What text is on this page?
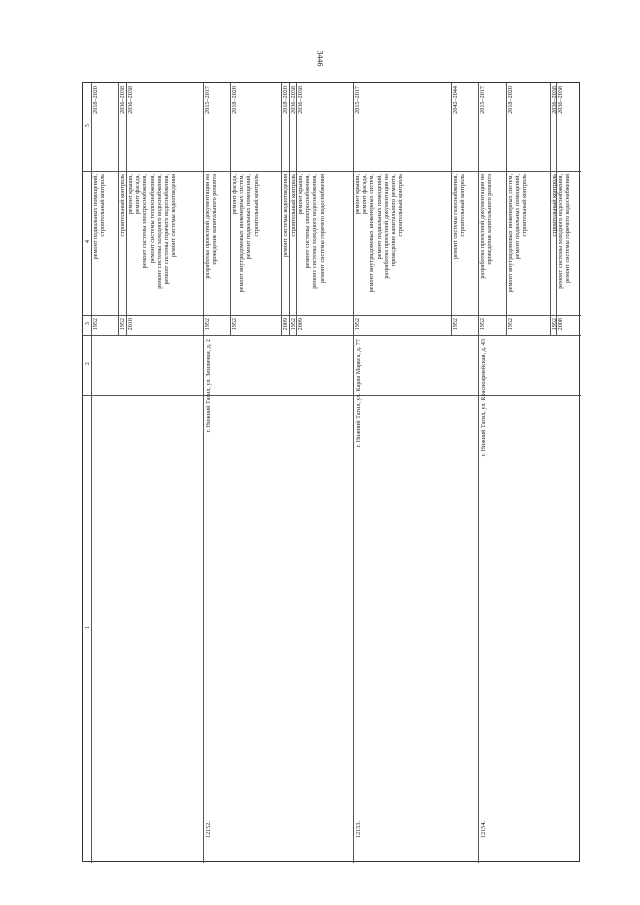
3446
5
4
3
2
1
1952
ремонт подвальных помещений, строительный контроль
2018–2020
1952
строительный контроль
2036–2038
2010
ремонт крыши, ремонт фасада, ремонт системы электроснабжения, ремонт системы теплоснабжения, ремонт системы холодного водоснабжения, ремонт системы горячего водоснабжения, ремонт системы водоотведения
2036–2038
12152.
г. Нижний Тагил, ул. Землячки, д. 2
1952
разработка проектной документации на проведение капитального ремонта
2015–2017
1952
ремонт фасада, ремонт внутридомовых инженерных систем, ремонт подвальных помещений, строительный контроль
2018–2020
2009
ремонт системы водоотведения
2018–2020
1952
строительный контроль
2036–2038
2009
ремонт крыши, ремонт системы электроснабжения, ремонт системы холодного водоснабжения, ремонт системы горячего водоснабжения
2036–2038
12153.
г. Нижний Тагил, ул. Карла Маркса, д. 77
1952
ремонт крыши, ремонт фасада, ремонт внутридомовых инженерных систем, ремонт подвальных помещений, разработка проектной документации на проведение капитального ремонта, строительный контроль
2015–2017
1952
ремонт системы газоснабжения, строительный контроль
2042–2044
12154.
г. Нижний Тагил, ул. Красноармейская, д. 43
1952
разработка проектной документации на проведение капитального ремонта
2015–2017
1952
ремонт внутридомовых инженерных систем, ремонт подвальных помещений, строительный контроль
2018–2020
1952
строительный контроль
2036–2038
2008
ремонт системы холодного водоснабжения, ремонт системы горячего водоснабжения
2036–2038
